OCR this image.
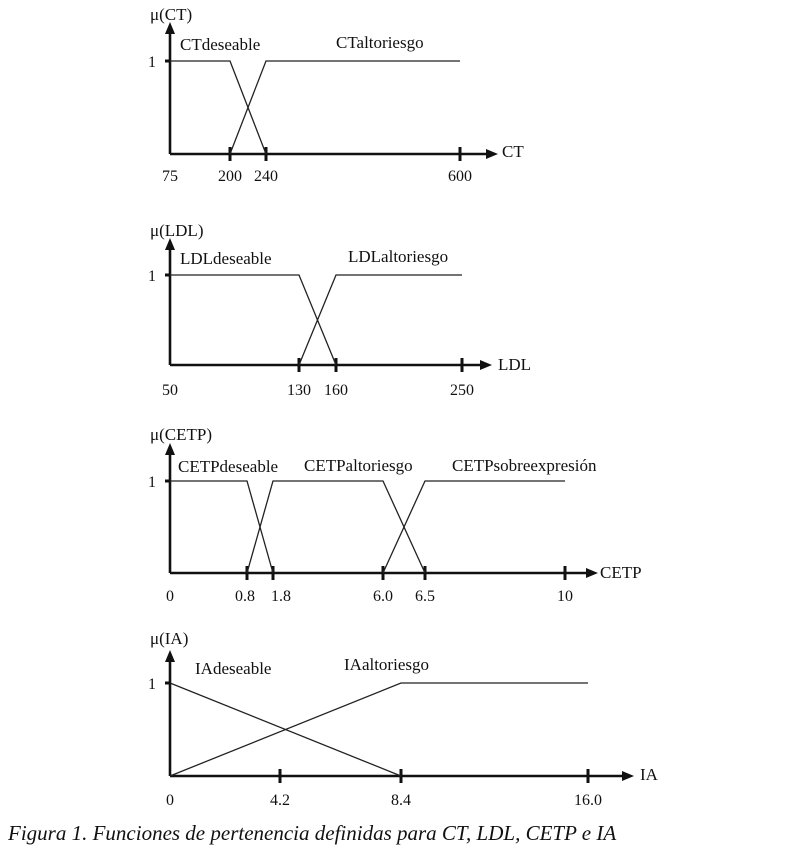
Figura 1. Funciones de pertenencia definidas para CT, LDL, CETP e IA
1
μ(CT)
CT
75	200 240	600
CTdeseable	CTaltoriesgo
1
μ(LDL)
LDL
50	130 160	250
LDLdeseable	LDLaltoriesgo
1
μ(CETP)
CETP
0	0.8 1.8	6.0 6.5	10
CETPdeseable CETPaltoriesgo CETPsobreexpresión
1
μ(IA)
IA
0	4.2	8.4	16.0
IAdeseable	IAaltoriesgo
